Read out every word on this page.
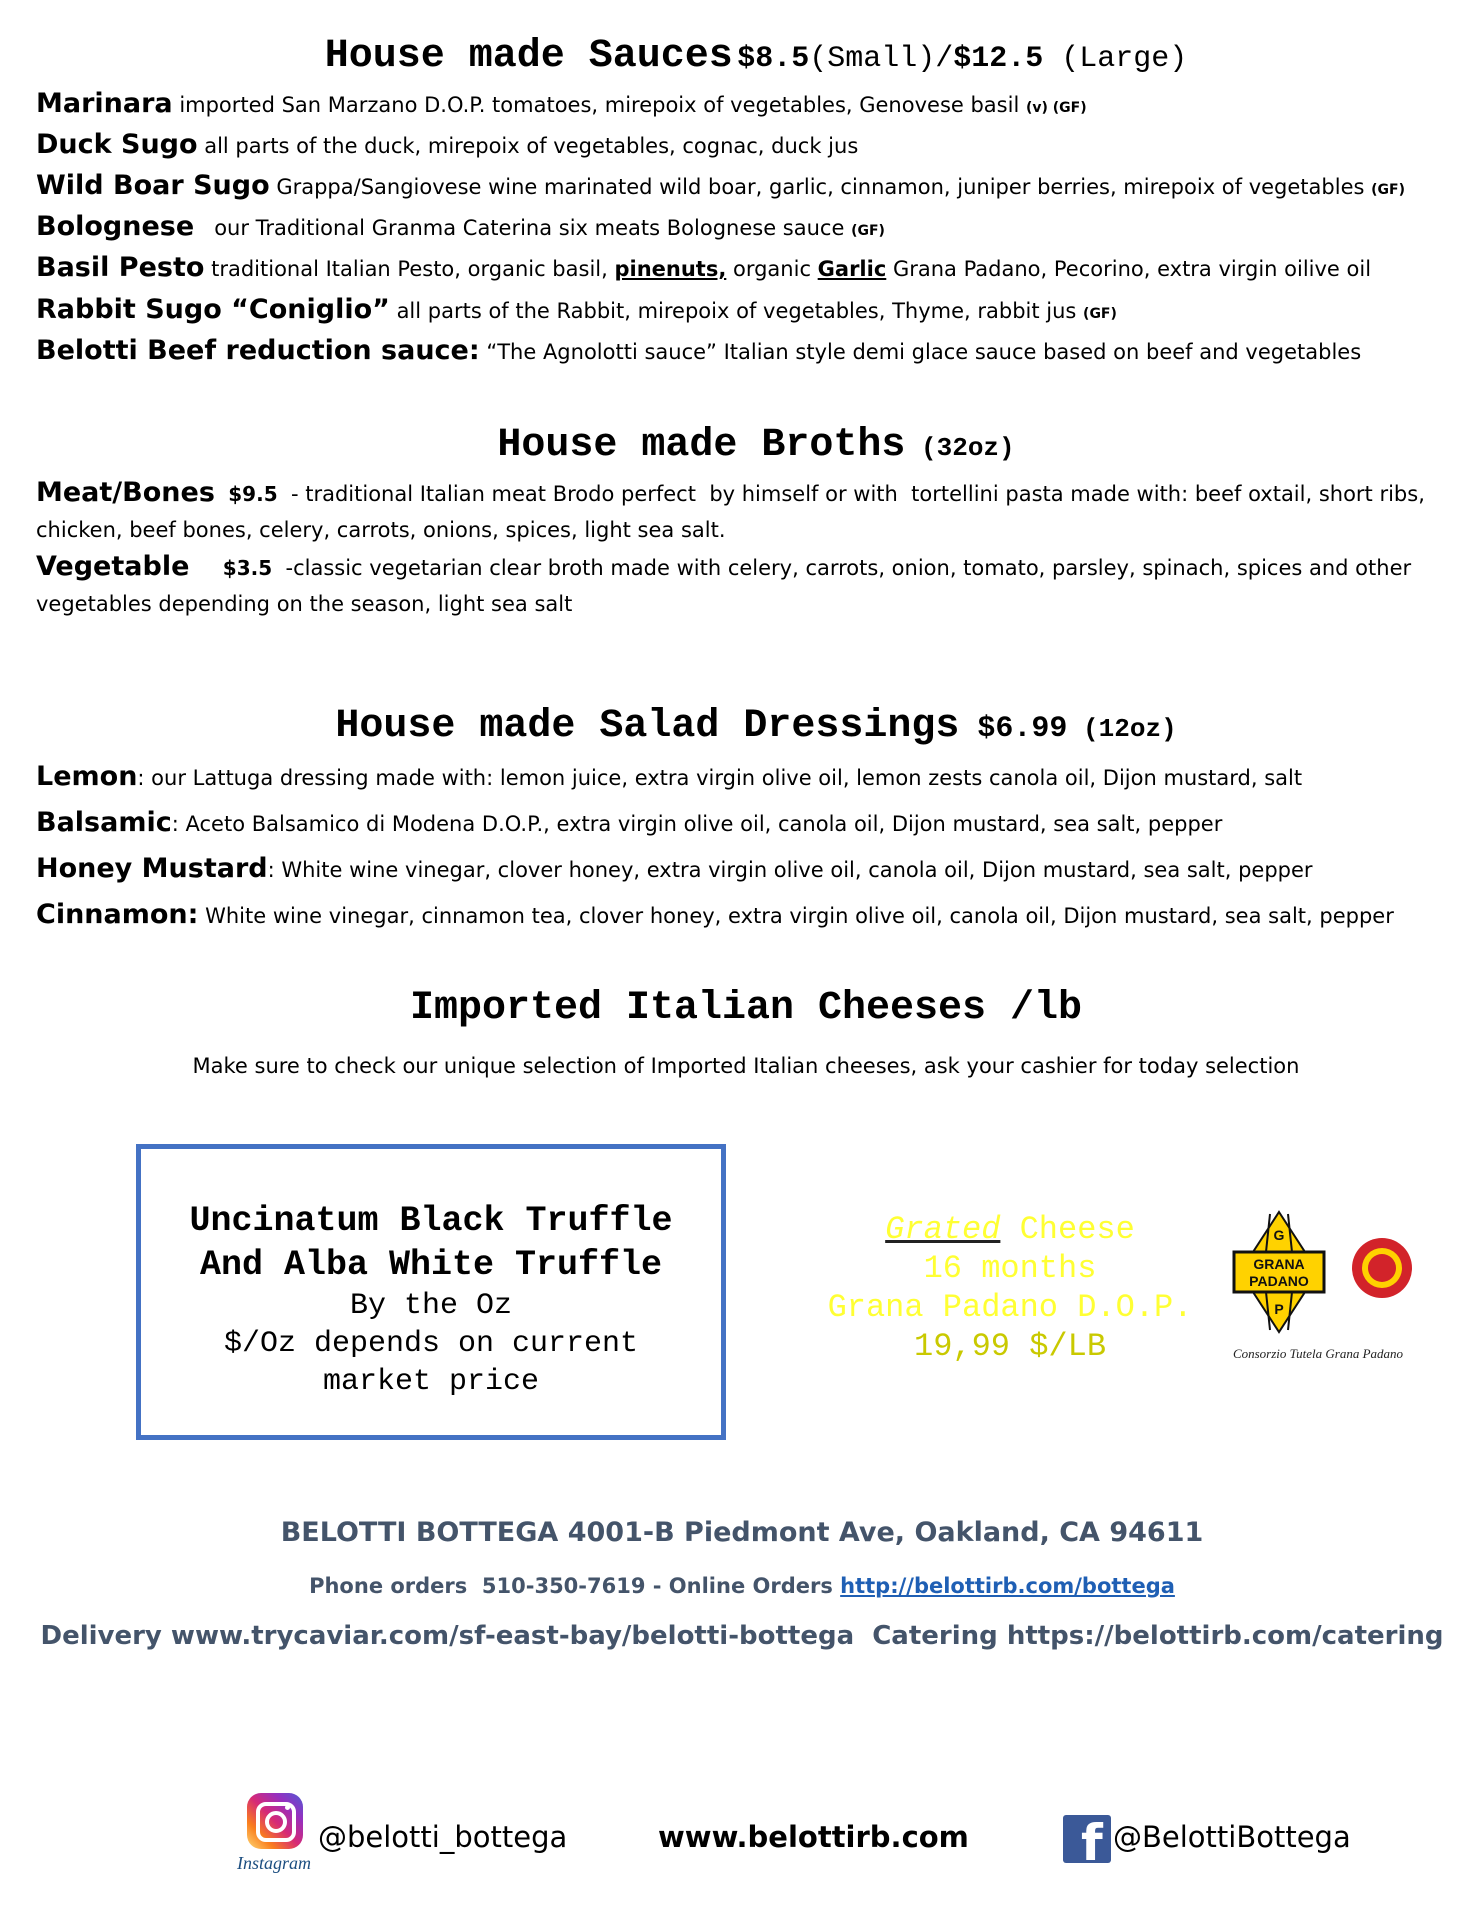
House made Sauces $8.5(Small)/$12.5 (Large)
Marinara imported San Marzano D.O.P. tomatoes, mirepoix of vegetables, Genovese basil (v) (GF)
Duck Sugo all parts of the duck, mirepoix of vegetables, cognac, duck jus
Wild Boar Sugo Grappa/Sangiovese wine marinated wild boar, garlic, cinnamon, juniper berries, mirepoix of vegetables (GF)
Bolognese   our Traditional Granma Caterina six meats Bolognese sauce (GF)
Basil Pesto traditional Italian Pesto, organic basil, pinenuts, organic Garlic Grana Padano, Pecorino, extra virgin oilive oil
Rabbit Sugo “Coniglio” all parts of the Rabbit, mirepoix of vegetables, Thyme, rabbit jus (GF)
Belotti Beef reduction sauce: “The Agnolotti sauce” Italian style demi glace sauce based on beef and vegetables
House made Broths (32oz)
Meat/Bones $9.5  - traditional Italian meat Brodo perfect  by himself or with  tortellini pasta made with: beef oxtail, short ribs, chicken, beef bones, celery, carrots, onions, spices, light sea salt.
Vegetable $3.5  -classic vegetarian clear broth made with celery, carrots, onion, tomato, parsley, spinach, spices and other vegetables depending on the season, light sea salt
House made Salad Dressings $6.99 (12oz)
Lemon: our Lattuga dressing made with: lemon juice, extra virgin olive oil, lemon zests canola oil, Dijon mustard, salt
Balsamic: Aceto Balsamico di Modena D.O.P., extra virgin olive oil, canola oil, Dijon mustard, sea salt, pepper
Honey Mustard: White wine vinegar, clover honey, extra virgin olive oil, canola oil, Dijon mustard, sea salt, pepper
Cinnamon: White wine vinegar, cinnamon tea, clover honey, extra virgin olive oil, canola oil, Dijon mustard, sea salt, pepper
Imported Italian Cheeses /lb
Make sure to check our unique selection of Imported Italian cheeses, ask your cashier for today selection
Uncinatum Black Truffle
And Alba White Truffle
By the Oz
$/Oz depends on current
market price
Grated Cheese
16 months
Grana Padano D.O.P.
19,99 $/LB
G
GRANA
PADANO
P
Consorzio Tutela Grana Padano
BELOTTI BOTTEGA 4001-B Piedmont Ave, Oakland, CA 94611
Phone orders  510-350-7619 - Online Orders http://belottirb.com/bottega
Delivery www.trycaviar.com/sf-east-bay/belotti-bottega  Catering https://belottirb.com/catering
Instagram
@belotti_bottega	www.belottirb.com f @BelottiBottega
